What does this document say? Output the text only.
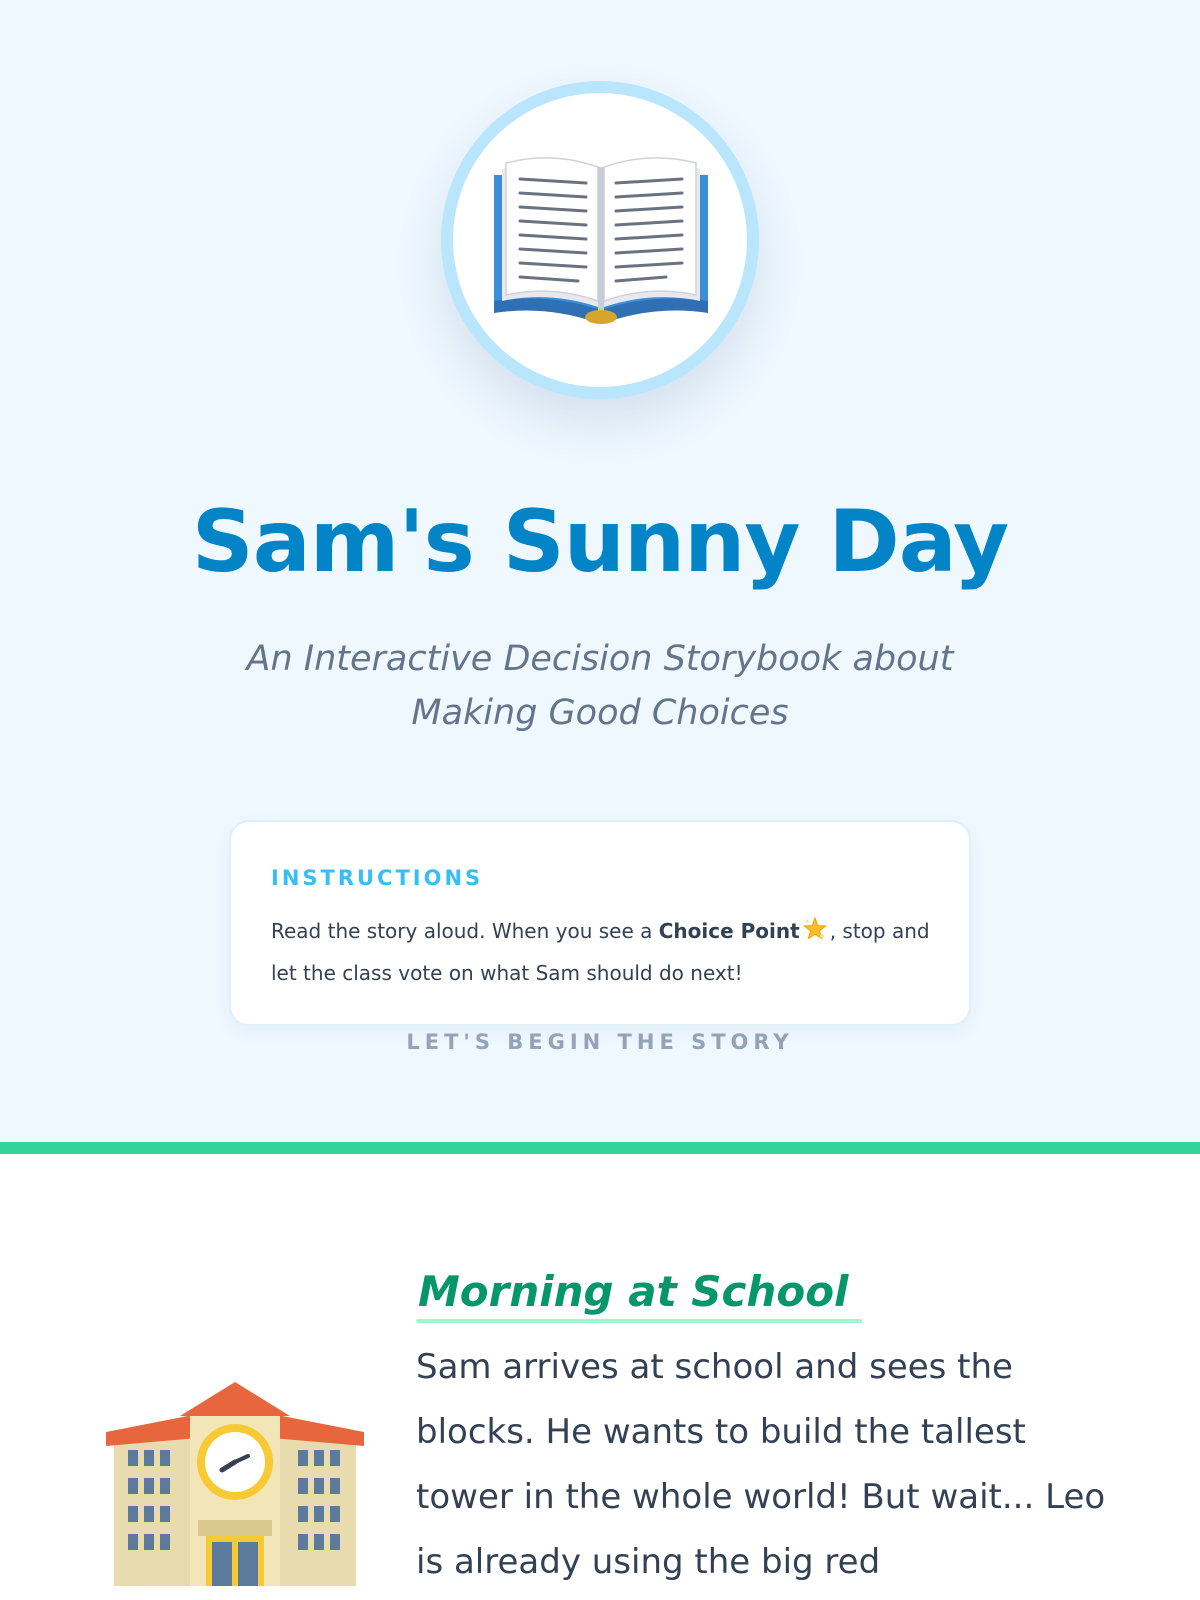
Sam's Sunny Day

An Interactive Decision Storybook about Making Good Choices

INSTRUCTIONS

Read the story aloud. When you see a Choice Point , stop and let the class vote on what Sam should do next!

LET'S BEGIN THE STORY
Morning at School

Sam arrives at school and sees the blocks. He wants to build the tallest tower in the whole world! But wait... Leo is already using the big red
